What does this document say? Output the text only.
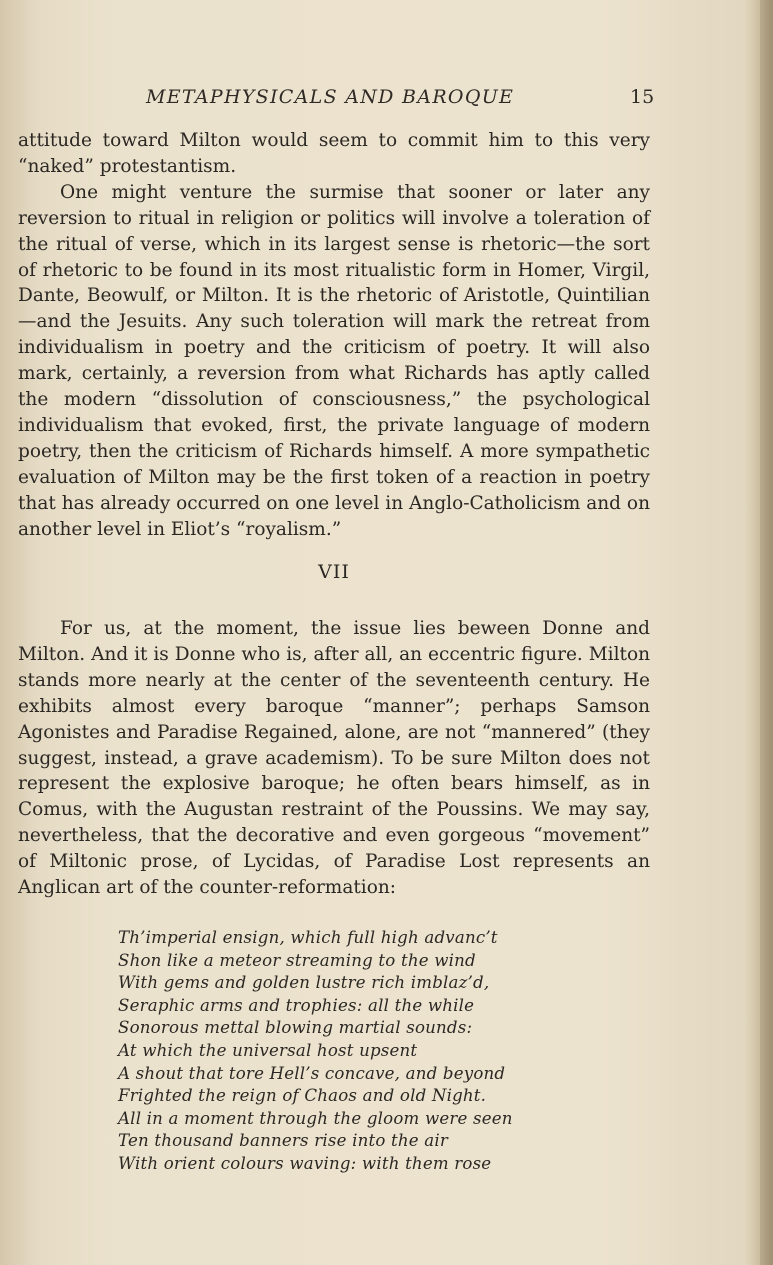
METAPHYSICALS AND BAROQUE	15

attitude toward Milton would seem to commit him to this very “naked” protestantism.

One might venture the surmise that sooner or later any reversion to ritual in religion or politics will involve a toleration of the ritual of verse, which in its largest sense is rhetoric—the sort of rhetoric to be found in its most ritualistic form in Homer, Virgil, Dante, Beowulf, or Milton. It is the rhetoric of Aristotle, Quintilian—and the Jesuits. Any such toleration will mark the retreat from individualism in poetry and the criticism of poetry. It will also mark, certainly, a reversion from what Richards has aptly called the modern “dissolution of consciousness,” the psychological individualism that evoked, first, the private language of modern poetry, then the criticism of Richards himself. A more sympathetic evaluation of Milton may be the first token of a reaction in poetry that has already occurred on one level in Anglo-Catholicism and on another level in Eliot’s “royalism.”

VII

For us, at the moment, the issue lies beween Donne and Milton. And it is Donne who is, after all, an eccentric figure. Milton stands more nearly at the center of the seventeenth century. He exhibits almost every baroque “manner”; perhaps Samson Agonistes and Paradise Regained, alone, are not “mannered” (they suggest, instead, a grave academism). To be sure Milton does not represent the explosive baroque; he often bears himself, as in Comus, with the Augustan restraint of the Poussins. We may say, nevertheless, that the decorative and even gorgeous “movement” of Miltonic prose, of Lycidas, of Paradise Lost represents an Anglican art of the counter-reformation:

Th’imperial ensign, which full high advanc’t
Shon like a meteor streaming to the wind
With gems and golden lustre rich imblaz’d,
Seraphic arms and trophies: all the while
Sonorous mettal blowing martial sounds:
At which the universal host upsent
A shout that tore Hell’s concave, and beyond
Frighted the reign of Chaos and old Night.
All in a moment through the gloom were seen
Ten thousand banners rise into the air
With orient colours waving: with them rose
